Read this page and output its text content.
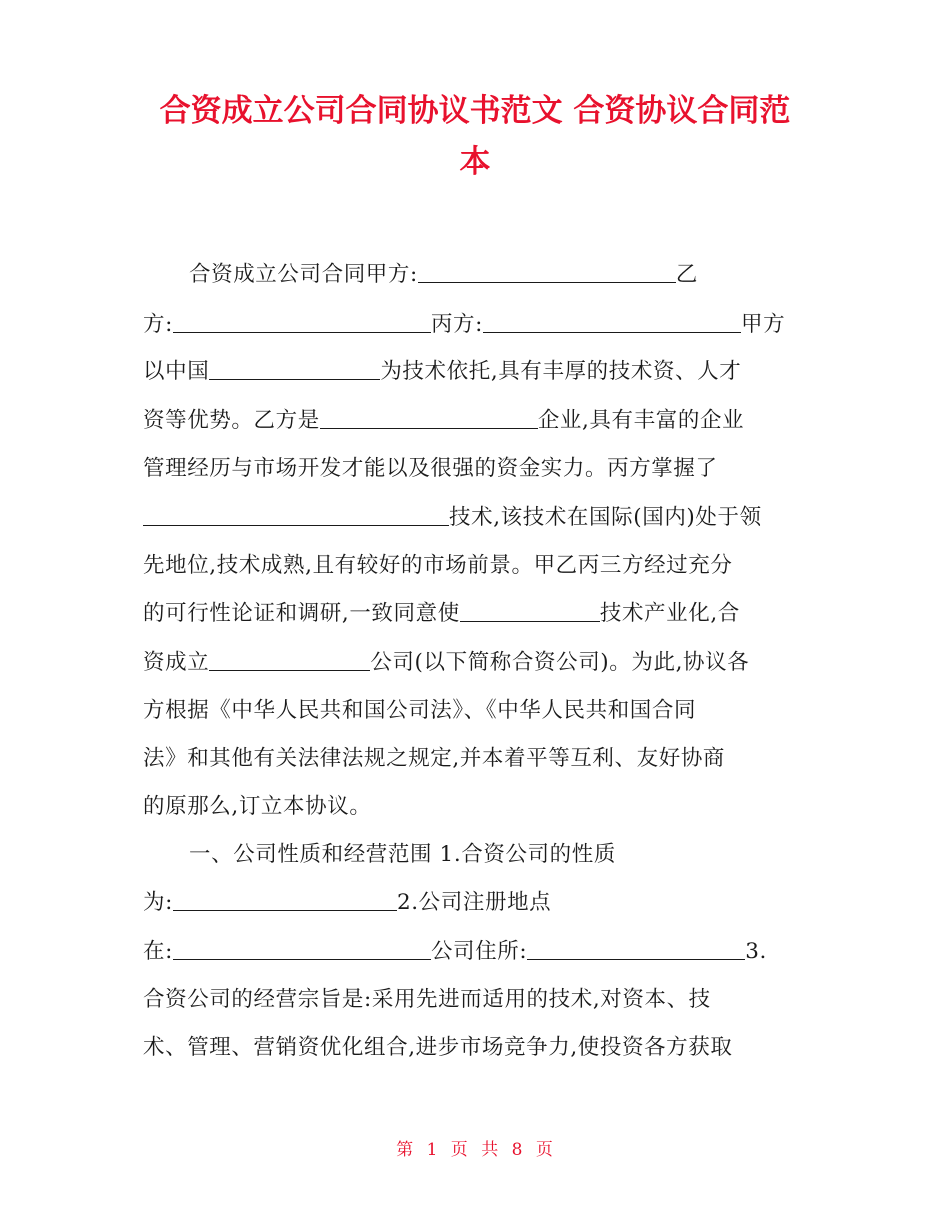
合资成立公司合同协议书范文 合资协议合同范
本
合资成立公司合同甲方:	乙
方:	丙方:	甲方
以中国	为技术依托,具有丰厚的技术资、人才
资等优势。乙方是	企业,具有丰富的企业
管理经历与市场开发才能以及很强的资金实力。丙方掌握了
技术,该技术在国际(国内)处于领
先地位,技术成熟,且有较好的市场前景。甲乙丙三方经过充分
的可行性论证和调研,一致同意使	技术产业化,合
资成立	公司(以下简称合资公司)。为此,协议各
方根据《中华人民共和国公司法》、《中华人民共和国合同
法》和其他有关法律法规之规定,并本着平等互利、友好协商
的原那么,订立本协议。
一、公司性质和经营范围 1.合资公司的性质
为:	2.公司注册地点
在:	公司住所:	3.
合资公司的经营宗旨是:采用先进而适用的技术,对资本、技
术、管理、营销资优化组合,进步市场竞争力,使投资各方获取
第 1 页 共 8 页
